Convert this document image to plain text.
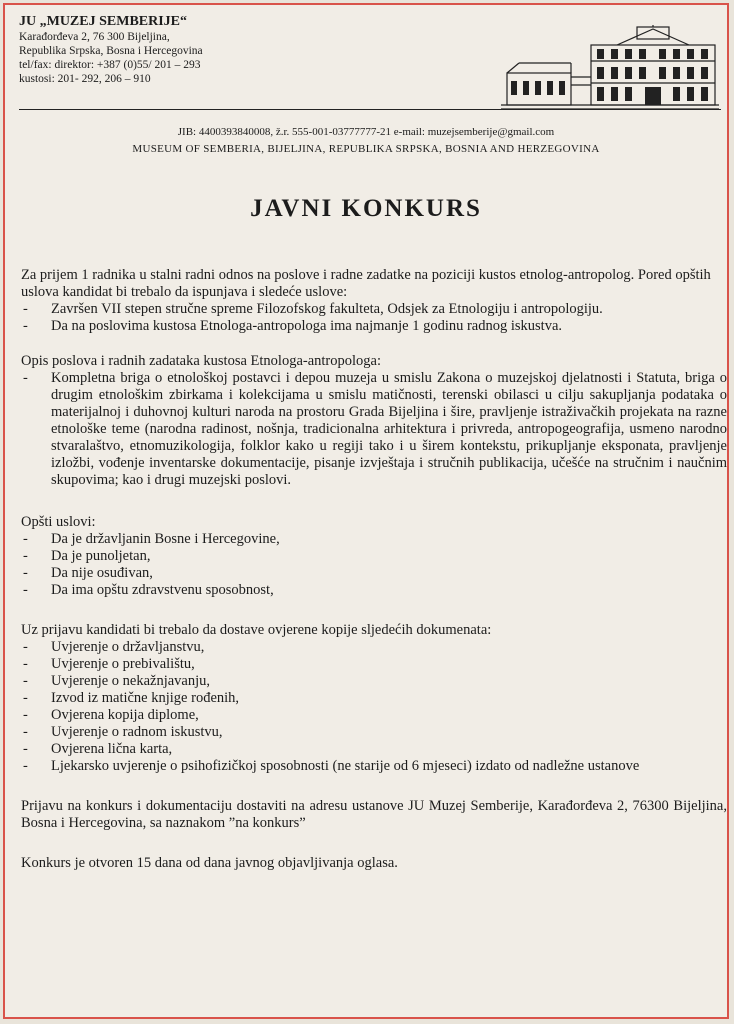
JU „MUZEJ SEMBERIJE“
Karađorđeva 2, 76 300 Bijeljina,
Republika Srpska, Bosna i Hercegovina
tel/fax: direktor: +387 (0)55/ 201 – 293
kustosi: 201- 292, 206 – 910
JIB: 4400393840008, ž.r. 555-001-03777777-21 e-mail: muzejsemberije@gmail.com
MUSEUM OF SEMBERIA, BIJELJINA, REPUBLIKA SRPSKA, BOSNIA AND HERZEGOVINA
JAVNI KONKURS

Za prijem 1 radnika u stalni radni odnos na poslove i radne zadatke na poziciji kustos etnolog-antropolog. Pored opštih uslova kandidat bi trebalo da ispunjava i sledeće uslove:

- Završen VII stepen stručne spreme Filozofskog fakulteta, Odsjek za Etnologiju i antropologiju.
- Da na poslovima kustosa Etnologa-antropologa ima najmanje 1 godinu radnog iskustva.

Opis poslova i radnih zadataka kustosa Etnologa-antropologa:

- Kompletna briga o etnološkoj postavci i depou muzeja u smislu Zakona o muzejskoj djelatnosti i Statuta, briga o drugim etnološkim zbirkama i kolekcijama u smislu matičnosti, terenski obilasci u cilju sakupljanja podataka o materijalnoj i duhovnoj kulturi naroda na prostoru Grada Bijeljina i šire, pravljenje istraživačkih projekata na razne etnološke teme (narodna radinost, nošnja, tradicionalna arhitektura i privreda, antropogeografija, usmeno narodno stvaralaštvo, etnomuzikologija, folklor kako u regiji tako i u širem kontekstu, prikupljanje eksponata, pravljenje izložbi, vođenje inventarske dokumentacije, pisanje izvještaja i stručnih publikacija, učešće na stručnim i naučnim skupovima; kao i drugi muzejski poslovi.

Opšti uslovi:

- Da je državljanin Bosne i Hercegovine,
- Da je punoljetan,
- Da nije osuđivan,
- Da ima opštu zdravstvenu sposobnost,

Uz prijavu kandidati bi trebalo da dostave ovjerene kopije sljedećih dokumenata:

- Uvjerenje o državljanstvu,
- Uvjerenje o prebivalištu,
- Uvjerenje o nekažnjavanju,
- Izvod iz matične knjige rođenih,
- Ovjerena kopija diplome,
- Uvjerenje o radnom iskustvu,
- Ovjerena lična karta,
- Ljekarsko uvjerenje o psihofizičkoj sposobnosti (ne starije od 6 mjeseci) izdato od nadležne ustanove

Prijavu na konkurs i dokumentaciju dostaviti na adresu ustanove JU Muzej Semberije, Karađorđeva 2, 76300 Bijeljina, Bosna i Hercegovina, sa naznakom ”na konkurs”

Konkurs je otvoren 15 dana od dana javnog objavljivanja oglasa.
